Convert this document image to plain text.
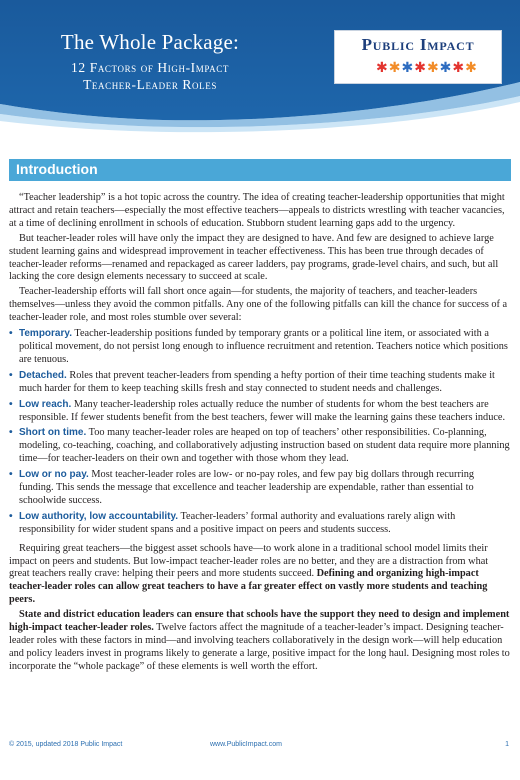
The Whole Package:
12 Factors of High-Impact
Teacher-Leader Roles
Public Impact
✱ ✱ ✱ ✱ ✱ ✱ ✱ ✱
Introduction

“Teacher leadership” is a hot topic across the country. The idea of creating teacher-leadership opportunities that might attract and retain teachers—especially the most effective teachers—appeals to districts wrestling with teacher vacancies, at a time of declining enrollment in schools of education. Stubborn student learning gaps add to the urgency.

But teacher-leader roles will have only the impact they are designed to have. And few are designed to achieve large student learning gains and widespread improvement in teacher effectiveness. This has been true through decades of teacher-leader reforms—renamed and repackaged as career ladders, pay programs, grade-level chairs, and such, but all lacking the core design elements necessary to succeed at scale.

Teacher-leadership efforts will fall short once again—for students, the majority of teachers, and teacher-leaders themselves—unless they avoid the common pitfalls. Any one of the following pitfalls can kill the chance for success of a teacher-leader role, and most roles stumble over several:

• Temporary. Teacher-leadership positions funded by temporary grants or a political line item, or associated with a political movement, do not persist long enough to influence recruitment and retention. Teachers notice which positions are tenuous.
• Detached. Roles that prevent teacher-leaders from spending a hefty portion of their time teaching students make it much harder for them to keep teaching skills fresh and stay connected to student needs and challenges.
• Low reach. Many teacher-leadership roles actually reduce the number of students for whom the best teachers are responsible. If fewer students benefit from the best teachers, fewer will make the learning gains these teachers induce.
• Short on time. Too many teacher-leader roles are heaped on top of teachers’ other responsibilities. Co-planning, modeling, co-teaching, coaching, and collaboratively adjusting instruction based on student data require more planning time—for teacher-leaders on their own and together with those whom they lead.
• Low or no pay. Most teacher-leader roles are low- or no-pay roles, and few pay big dollars through recurring funding. This sends the message that excellence and teacher leadership are expendable, rather than essential to schoolwide success.
• Low authority, low accountability. Teacher-leaders’ formal authority and evaluations rarely align with responsibility for wider student spans and a positive impact on peers and students success.

Requiring great teachers—the biggest asset schools have—to work alone in a traditional school model limits their impact on peers and students. But low-impact teacher-leader roles are no better, and they are a distraction from what great teachers really crave: helping their peers and more students succeed. Defining and organizing high-impact teacher-leader roles can allow great teachers to have a far greater effect on vastly more students and teaching peers.

State and district education leaders can ensure that schools have the support they need to design and implement high-impact teacher-leader roles. Twelve factors affect the magnitude of a teacher-leader’s impact. Designing teacher-leader roles with these factors in mind—and involving teachers collaboratively in the design work—will help education and policy leaders invest in programs likely to generate a large, positive impact for the long haul. Designing most roles to incorporate the “whole package” of these elements is well worth the effort.

© 2015, updated 2018 Public Impact	www.PublicImpact.com	1
